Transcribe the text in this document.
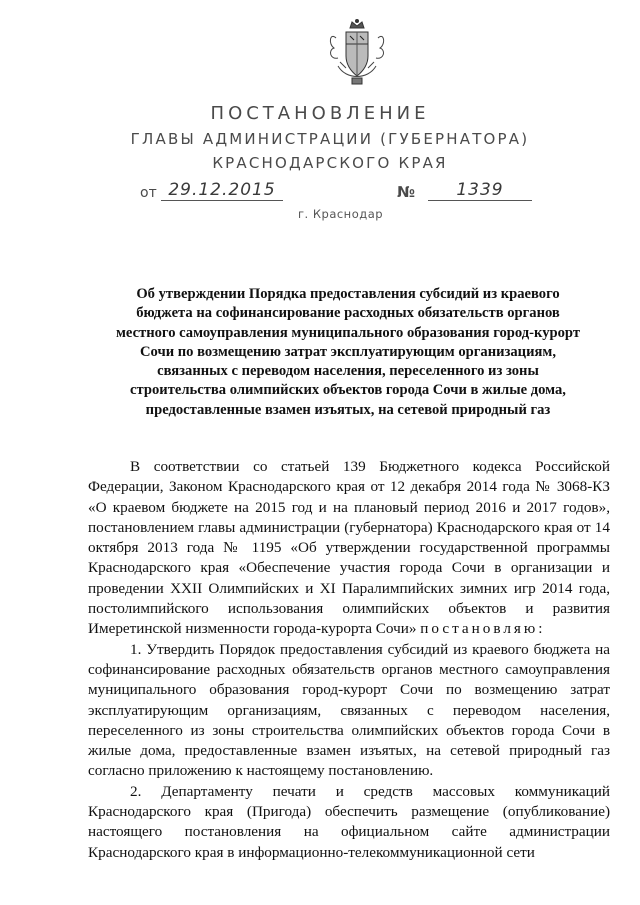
ПОСТАНОВЛЕНИЕ
ГЛАВЫ АДМИНИСТРАЦИИ (ГУБЕРНАТОРА)
КРАСНОДАРСКОГО КРАЯ
от 29.12.2015	№	1339
г. Краснодар

Об утверждении Порядка предоставления субсидий из краевого бюджета на софинансирование расходных обязательств органов местного самоуправления муниципального образования город-курорт Сочи по возмещению затрат эксплуатирующим организациям, связанных с переводом населения, переселенного из зоны строительства олимпийских объектов города Сочи в жилые дома, предоставленные взамен изъятых, на сетевой природный газ

В соответствии со статьей 139 Бюджетного кодекса Российской Федерации, Законом Краснодарского края от 12 декабря 2014 года № 3068-КЗ «О краевом бюджете на 2015 год и на плановый период 2016 и 2017 годов», постановлением главы администрации (губернатора) Краснодарского края от 14 октября 2013 года № 1195 «Об утверждении государственной программы Краснодарского края «Обеспечение участия города Сочи в организации и проведении XXII Олимпийских и XI Паралимпийских зимних игр 2014 года, постолимпийского использования олимпийских объектов и развития Имеретинской низменности города-курорта Сочи» постановляю:

1. Утвердить Порядок предоставления субсидий из краевого бюджета на софинансирование расходных обязательств органов местного самоуправления муниципального образования город-курорт Сочи по возмещению затрат эксплуатирующим организациям, связанных с переводом населения, переселенного из зоны строительства олимпийских объектов города Сочи в жилые дома, предоставленные взамен изъятых, на сетевой природный газ согласно приложению к настоящему постановлению.

2. Департаменту печати и средств массовых коммуникаций Краснодарского края (Пригода) обеспечить размещение (опубликование) настоящего постановления на официальном сайте администрации Краснодарского края в информационно-телекоммуникационной сети
